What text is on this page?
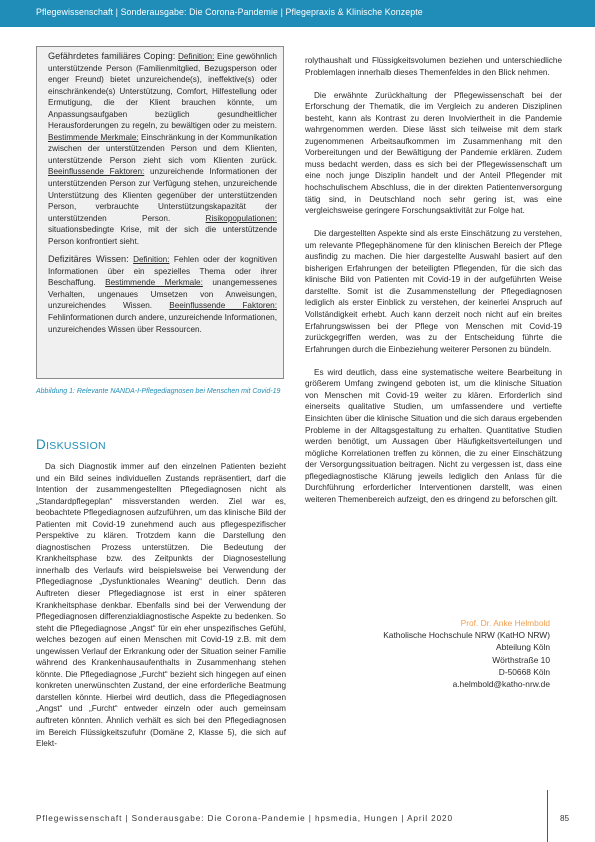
Pflegewissenschaft | Sonderausgabe: Die Corona-Pandemie | Pflegepraxis & Klinische Konzepte

Gefährdetes familiäres Coping: Definition: Eine gewöhnlich unterstützende Person (Familienmitglied, Bezugsperson oder enger Freund) bietet unzureichende(s), ineffektive(s) oder einschränkende(s) Unterstützung, Comfort, Hilfestellung oder Ermutigung, die der Klient brauchen könnte, um Anpassungsaufgaben bezüglich gesundheitlicher Herausforderungen zu regeln, zu bewältigen oder zu meistern. Bestimmende Merkmale: Einschränkung in der Kommunikation zwischen der unterstützenden Person und dem Klienten, unterstützende Person zieht sich vom Klienten zurück. Beeinflussende Faktoren: unzureichende Informationen der unterstützenden Person zur Verfügung stehen, unzureichende Unterstützung des Klienten gegenüber der unterstützenden Person, verbrauchte Unterstützungskapazität der unterstützenden Person.	Risikopopulationen: situationsbedingte Krise, mit der sich die unterstützende Person konfrontiert sieht.

Defizitäres Wissen: Definition: Fehlen oder der kognitiven Informationen über ein spezielles Thema oder ihrer Beschaffung. Bestimmende Merkmale: unangemessenes Verhalten, ungenaues Umsetzen von Anweisungen, unzureichendes Wissen. Beeinflussende Faktoren: Fehlinformationen durch andere, unzureichende Informationen, unzureichendes Wissen über Ressourcen.

Abbildung 1: Relevante NANDA-I-Pflegediagnosen bei Menschen mit Covid-19
DISKUSSION

Da sich Diagnostik immer auf den einzelnen Patienten bezieht und ein Bild seines individuellen Zustands repräsentiert, darf die Intention der zusammengestellten Pflegediagnosen nicht als „Standardpflegeplan“ missverstanden werden. Ziel war es, beobachtete Pflegediagnosen aufzuführen, um das klinische Bild der Patienten mit Covid-19 zunehmend auch aus pflegespezifischer Perspektive zu klären. Trotzdem kann die Darstellung den diagnostischen Prozess unterstützen. Die Bedeutung der Krankheitsphase bzw. des Zeitpunkts der Diagnosestellung innerhalb des Verlaufs wird beispielsweise bei Verwendung der Pflegediagnose „Dysfunktionales Weaning“ deutlich. Denn das Auftreten dieser Pflegediagnose ist erst in einer späteren Krankheitsphase denkbar. Ebenfalls sind bei der Verwendung der Pflegediagnosen differenzialdiagnostische Aspekte zu bedenken. So steht die Pflegediagnose „Angst“ für ein eher unspezifisches Gefühl, welches bezogen auf einen Menschen mit Covid-19 z.B. mit dem ungewissen Verlauf der Erkrankung oder der Situation seiner Familie während des Krankenhausaufenthalts in Zusammenhang stehen könnte. Die Pflegediagnose „Furcht“ bezieht sich hingegen auf einen konkreten unerwünschten Zustand, der eine erforderliche Beatmung darstellen könnte. Hierbei wird deutlich, dass die Pflegediagnosen „Angst“ und „Furcht“ entweder einzeln oder auch gemeinsam auftreten könnten. Ähnlich verhält es sich bei den Pflegediagnosen im Bereich Flüssigkeitszufuhr (Domäne 2, Klasse 5), die sich auf Elekt-

rolythaushalt und Flüssigkeitsvolumen beziehen und unterschiedliche Problemlagen innerhalb dieses Themenfeldes in den Blick nehmen.

Die erwähnte Zurückhaltung der Pflegewissenschaft bei der Erforschung der Thematik, die im Vergleich zu anderen Disziplinen besteht, kann als Kontrast zu deren Involviertheit in die Pandemie wahrgenommen werden. Diese lässt sich teilweise mit dem stark zugenommenen Arbeitsaufkommen im Zusammenhang mit den Vorbereitungen und der Bewältigung der Pandemie erklären. Zudem muss bedacht werden, dass es sich bei der Pflegewissenschaft um eine noch junge Disziplin handelt und der Anteil Pflegender mit hochschulischem Abschluss, die in der direkten Patientenversorgung tätig sind, in Deutschland noch sehr gering ist, was eine vergleichsweise geringere Forschungsaktivität zur Folge hat.

Die dargestellten Aspekte sind als erste Einschätzung zu verstehen, um relevante Pflegephänomene für den klinischen Bereich der Pflege ausfindig zu machen. Die hier dargestellte Auswahl basiert auf den bisherigen Erfahrungen der beteiligten Pflegenden, für die sich das klinische Bild von Patienten mit Covid-19 in der aufgeführten Weise darstellte. Somit ist die Zusammenstellung der Pflegediagnosen lediglich als erster Einblick zu verstehen, der keinerlei Anspruch auf Vollständigkeit erhebt. Auch kann derzeit noch nicht auf ein breites Erfahrungswissen bei der Pflege von Menschen mit Covid-19 zurückgegriffen werden, was zu der Entscheidung führte die Erfahrungen durch die Einbeziehung weiterer Personen zu bündeln.

Es wird deutlich, dass eine systematische weitere Bearbeitung in größerem Umfang zwingend geboten ist, um die klinische Situation von Menschen mit Covid-19 weiter zu klären. Erforderlich sind einerseits qualitative Studien, um umfassendere und vertiefte Einsichten über die klinische Situation und die sich daraus ergebenden Probleme in der Alltagsgestaltung zu erhalten. Quantitative Studien werden benötigt, um Aussagen über Häufigkeitsverteilungen und mögliche Korrelationen treffen zu können, die zu einer Einschätzung der Versorgungssituation beitragen. Nicht zu vergessen ist, dass eine pflegediagnostische Klärung jeweils lediglich den Anlass für die Durchführung erforderlicher Interventionen darstellt, was einen weiteren Themenbereich aufzeigt, den es dringend zu beforschen gilt.

Prof. Dr. Anke Helmbold
Katholische Hochschule NRW (KatHO NRW)
Abteilung Köln
Wörthstraße 10
D-50668 Köln
a.helmbold@katho-nrw.de
Pflegewissenschaft | Sonderausgabe: Die Corona-Pandemie | hpsmedia, Hungen | April 2020	85
